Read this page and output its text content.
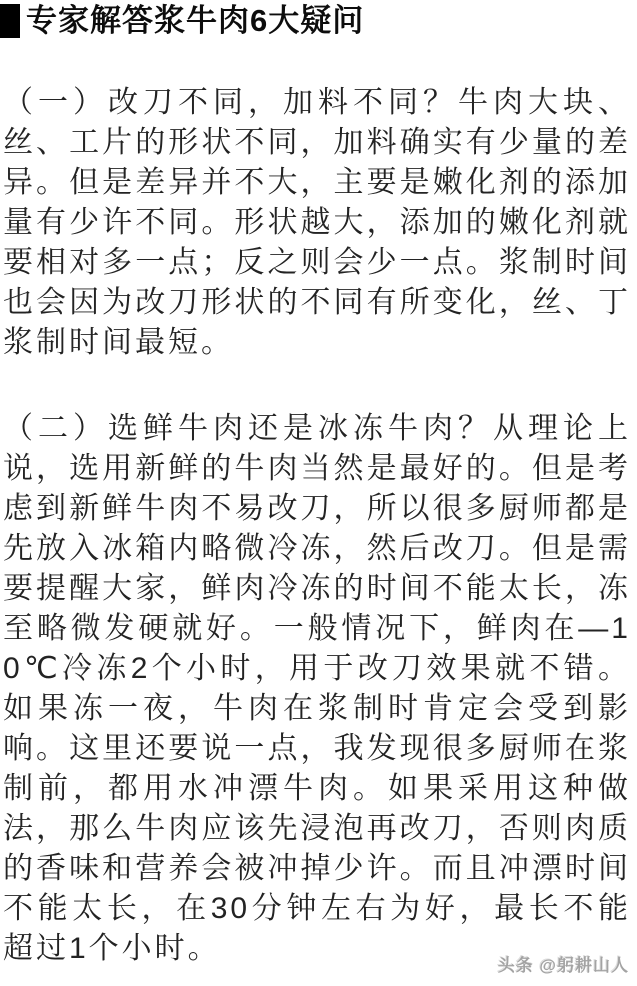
专家解答浆牛肉6大疑问

（一）改刀不同，加料不同？牛肉大块、丝、工片的形状不同，加料确实有少量的差异。但是差异并不大，主要是嫩化剂的添加量有少许不同。形状越大，添加的嫩化剂就要相对多一点；反之则会少一点。浆制时间也会因为改刀形状的不同有所变化，丝、丁浆制时间最短。

（二）选鲜牛肉还是冰冻牛肉？从理论上说，选用新鲜的牛肉当然是最好的。但是考虑到新鲜牛肉不易改刀，所以很多厨师都是先放入冰箱内略微冷冻，然后改刀。但是需要提醒大家，鲜肉冷冻的时间不能太长，冻至略微发硬就好。一般情况下，鲜肉在—10℃冷冻2个小时，用于改刀效果就不错。如果冻一夜，牛肉在浆制时肯定会受到影响。这里还要说一点，我发现很多厨师在浆制前，都用水冲漂牛肉。如果采用这种做法，那么牛肉应该先浸泡再改刀，否则肉质的香味和营养会被冲掉少许。而且冲漂时间不能太长，在30分钟左右为好，最长不能超过1个小时。

头条 @躬耕山人
